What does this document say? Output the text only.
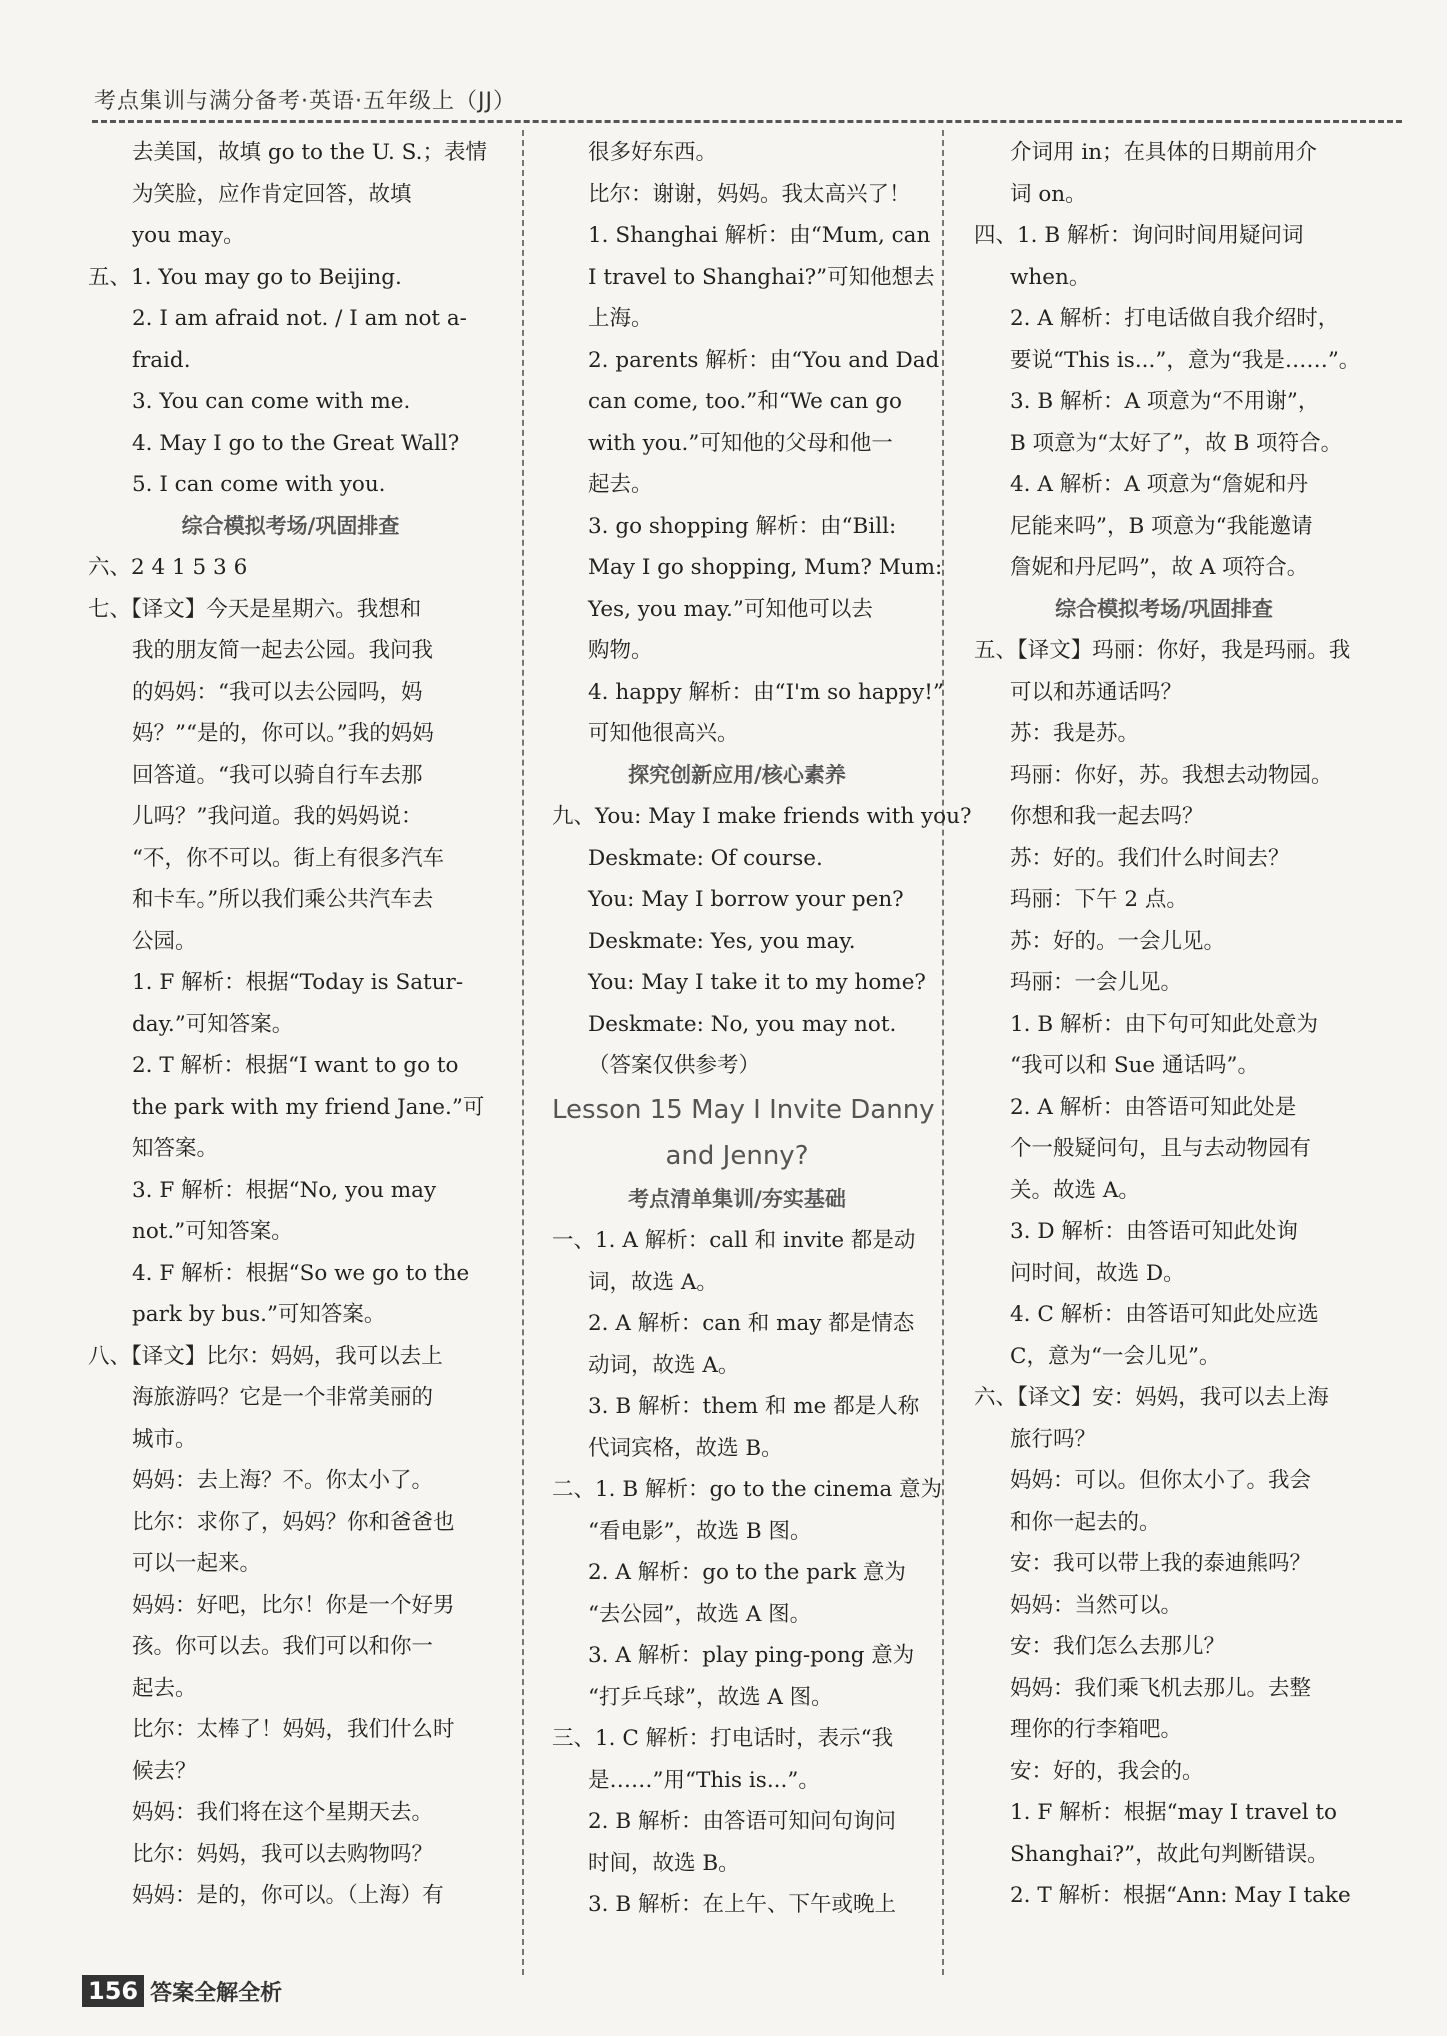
考点集训与满分备考·英语·五年级上（JJ）
去美国，故填 go to the U. S.；表情
为笑脸，应作肯定回答，故填
you may。
五、1. You may go to Beijing.
2. I am afraid not. / I am not a-
fraid.
3. You can come with me.
4. May I go to the Great Wall?
5. I can come with you.
综合模拟考场/巩固排查
六、2 4 1 5 3 6
七、【译文】今天是星期六。我想和
我的朋友简一起去公园。我问我
的妈妈：“我可以去公园吗，妈
妈？”“是的，你可以。”我的妈妈
回答道。“我可以骑自行车去那
儿吗？”我问道。我的妈妈说：
“不，你不可以。街上有很多汽车
和卡车。”所以我们乘公共汽车去
公园。
1. F 解析：根据“Today is Satur-
day.”可知答案。
2. T 解析：根据“I want to go to
the park with my friend Jane.”可
知答案。
3. F 解析：根据“No, you may
not.”可知答案。
4. F 解析：根据“So we go to the
park by bus.”可知答案。
八、【译文】比尔：妈妈，我可以去上
海旅游吗？它是一个非常美丽的
城市。
妈妈：去上海？不。你太小了。
比尔：求你了，妈妈？你和爸爸也
可以一起来。
妈妈：好吧，比尔！你是一个好男
孩。你可以去。我们可以和你一
起去。
比尔：太棒了！妈妈，我们什么时
候去？
妈妈：我们将在这个星期天去。
比尔：妈妈，我可以去购物吗？
妈妈：是的，你可以。（上海）有
很多好东西。
比尔：谢谢，妈妈。我太高兴了！
1. Shanghai 解析：由“Mum, can
I travel to Shanghai?”可知他想去
上海。
2. parents 解析：由“You and Dad
can come, too.”和“We can go
with you.”可知他的父母和他一
起去。
3. go shopping 解析：由“Bill:
May I go shopping, Mum? Mum:
Yes, you may.”可知他可以去
购物。
4. happy 解析：由“I'm so happy!”
可知他很高兴。
探究创新应用/核心素养
九、You: May I make friends with you?
Deskmate: Of course.
You: May I borrow your pen?
Deskmate: Yes, you may.
You: May I take it to my home?
Deskmate: No, you may not.
（答案仅供参考）
Lesson 15 May I Invite Danny
and Jenny?
考点清单集训/夯实基础
一、1. A 解析：call 和 invite 都是动
词，故选 A。
2. A 解析：can 和 may 都是情态
动词，故选 A。
3. B 解析：them 和 me 都是人称
代词宾格，故选 B。
二、1. B 解析：go to the cinema 意为
“看电影”，故选 B 图。
2. A 解析：go to the park 意为
“去公园”，故选 A 图。
3. A 解析：play ping-pong 意为
“打乒乓球”，故选 A 图。
三、1. C 解析：打电话时，表示“我
是……”用“This is...”。
2. B 解析：由答语可知问句询问
时间，故选 B。
3. B 解析：在上午、下午或晚上
介词用 in；在具体的日期前用介
词 on。
四、1. B 解析：询问时间用疑问词
when。
2. A 解析：打电话做自我介绍时，
要说“This is...”，意为“我是……”。
3. B 解析：A 项意为“不用谢”，
B 项意为“太好了”，故 B 项符合。
4. A 解析：A 项意为“詹妮和丹
尼能来吗”，B 项意为“我能邀请
詹妮和丹尼吗”，故 A 项符合。
综合模拟考场/巩固排查
五、【译文】玛丽：你好，我是玛丽。我
可以和苏通话吗？
苏：我是苏。
玛丽：你好，苏。我想去动物园。
你想和我一起去吗？
苏：好的。我们什么时间去？
玛丽：下午 2 点。
苏：好的。一会儿见。
玛丽：一会儿见。
1. B 解析：由下句可知此处意为
“我可以和 Sue 通话吗”。
2. A 解析：由答语可知此处是
个一般疑问句，且与去动物园有
关。故选 A。
3. D 解析：由答语可知此处询
问时间，故选 D。
4. C 解析：由答语可知此处应选
C，意为“一会儿见”。
六、【译文】安：妈妈，我可以去上海
旅行吗？
妈妈：可以。但你太小了。我会
和你一起去的。
安：我可以带上我的泰迪熊吗？
妈妈：当然可以。
安：我们怎么去那儿？
妈妈：我们乘飞机去那儿。去整
理你的行李箱吧。
安：好的，我会的。
1. F 解析：根据“may I travel to
Shanghai?”，故此句判断错误。
2. T 解析：根据“Ann: May I take
156 答案全解全析
